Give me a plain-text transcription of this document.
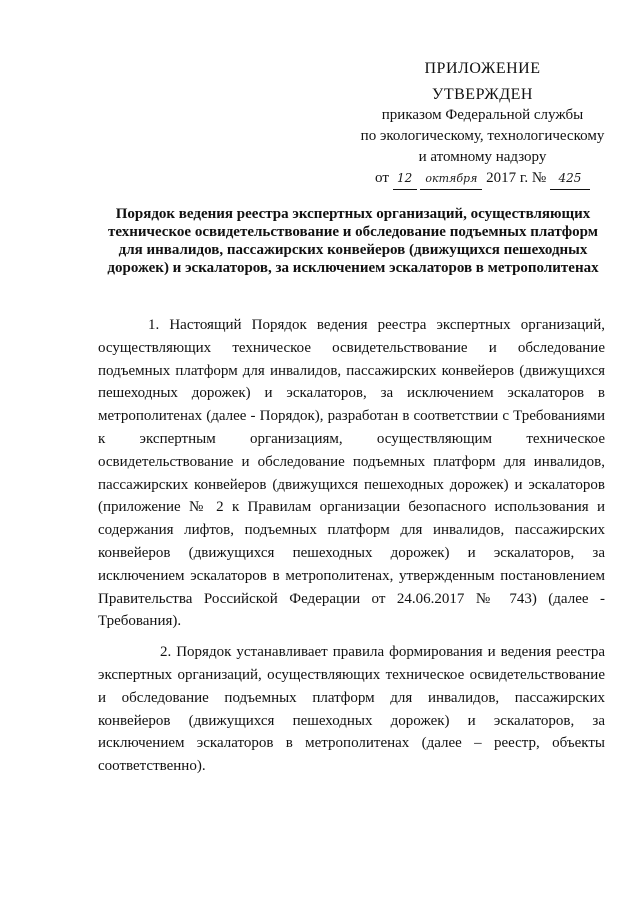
ПРИЛОЖЕНИЕ
УТВЕРЖДЕН
приказом Федеральной службы
по экологическому, технологическому
и атомному надзору
от 12 октября 2017 г. № 425
Порядок ведения реестра экспертных организаций, осуществляющих техническое освидетельствование и обследование подъемных платформ для инвалидов, пассажирских конвейеров (движущихся пешеходных дорожек) и эскалаторов, за исключением эскалаторов в метрополитенах

1. Настоящий Порядок ведения реестра экспертных организаций, осуществляющих техническое освидетельствование и обследование подъемных платформ для инвалидов, пассажирских конвейеров (движущихся пешеходных дорожек) и эскалаторов, за исключением эскалаторов в метрополитенах (далее - Порядок), разработан в соответствии с Требованиями к экспертным организациям, осуществляющим техническое освидетельствование и обследование подъемных платформ для инвалидов, пассажирских конвейеров (движущихся пешеходных дорожек) и эскалаторов (приложение № 2 к Правилам организации безопасного использования и содержания лифтов, подъемных платформ для инвалидов, пассажирских конвейеров (движущихся пешеходных дорожек) и эскалаторов, за исключением эскалаторов в метрополитенах, утвержденным постановлением Правительства Российской Федерации от 24.06.2017 № 743) (далее - Требования).

2. Порядок устанавливает правила формирования и ведения реестра экспертных организаций, осуществляющих техническое освидетельствование и обследование подъемных платформ для инвалидов, пассажирских конвейеров (движущихся пешеходных дорожек) и эскалаторов, за исключением эскалаторов в метрополитенах (далее – реестр, объекты соответственно).
